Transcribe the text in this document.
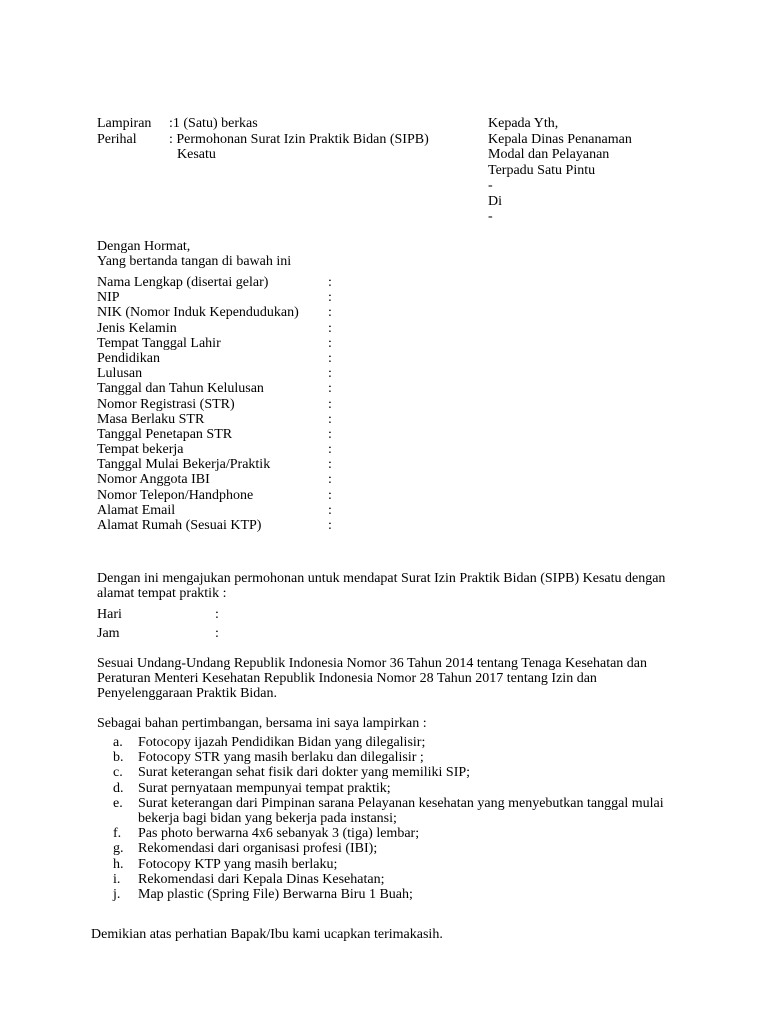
Lampiran :1 (Satu) berkas
Perihal : Permohonan Surat Izin Praktik Bidan (SIPB)
Kesatu
Kepada Yth,
Kepala Dinas Penanaman
Modal dan Pelayanan
Terpadu Satu Pintu
-
Di
-
Dengan Hormat,
Yang bertanda tangan di bawah ini
Nama Lengkap (disertai gelar)	:
NIP	:
NIK (Nomor Induk Kependudukan) :
Jenis Kelamin	:
Tempat Tanggal Lahir	:
Pendidikan	:
Lulusan	:
Tanggal dan Tahun Kelulusan	:
Nomor Registrasi (STR)	:
Masa Berlaku STR	:
Tanggal Penetapan STR	:
Tempat bekerja	:
Tanggal Mulai Bekerja/Praktik	:
Nomor Anggota IBI	:
Nomor Telepon/Handphone	:
Alamat Email	:
Alamat Rumah (Sesuai KTP)	:

Dengan ini mengajukan permohonan untuk mendapat Surat Izin Praktik Bidan (SIPB) Kesatu dengan alamat tempat praktik :

Hari	:
Jam	:

Sesuai Undang-Undang Republik Indonesia Nomor 36 Tahun 2014 tentang Tenaga Kesehatan dan Peraturan Menteri Kesehatan Republik Indonesia Nomor 28 Tahun 2017 tentang Izin dan Penyelenggaraan Praktik Bidan.

Sebagai bahan pertimbangan, bersama ini saya lampirkan :
a. Fotocopy ijazah Pendidikan Bidan yang dilegalisir;
b. Fotocopy STR yang masih berlaku dan dilegalisir ;
c. Surat keterangan sehat fisik dari dokter yang memiliki SIP;
d. Surat pernyataan mempunyai tempat praktik;
e. Surat keterangan dari Pimpinan sarana Pelayanan kesehatan yang menyebutkan tanggal mulai bekerja bagi bidan yang bekerja pada instansi;
f. Pas photo berwarna 4x6 sebanyak 3 (tiga) lembar;
g. Rekomendasi dari organisasi profesi (IBI);
h. Fotocopy KTP yang masih berlaku;
i. Rekomendasi dari Kepala Dinas Kesehatan;
j. Map plastic (Spring File) Berwarna Biru 1 Buah;
Demikian atas perhatian Bapak/Ibu kami ucapkan terimakasih.
